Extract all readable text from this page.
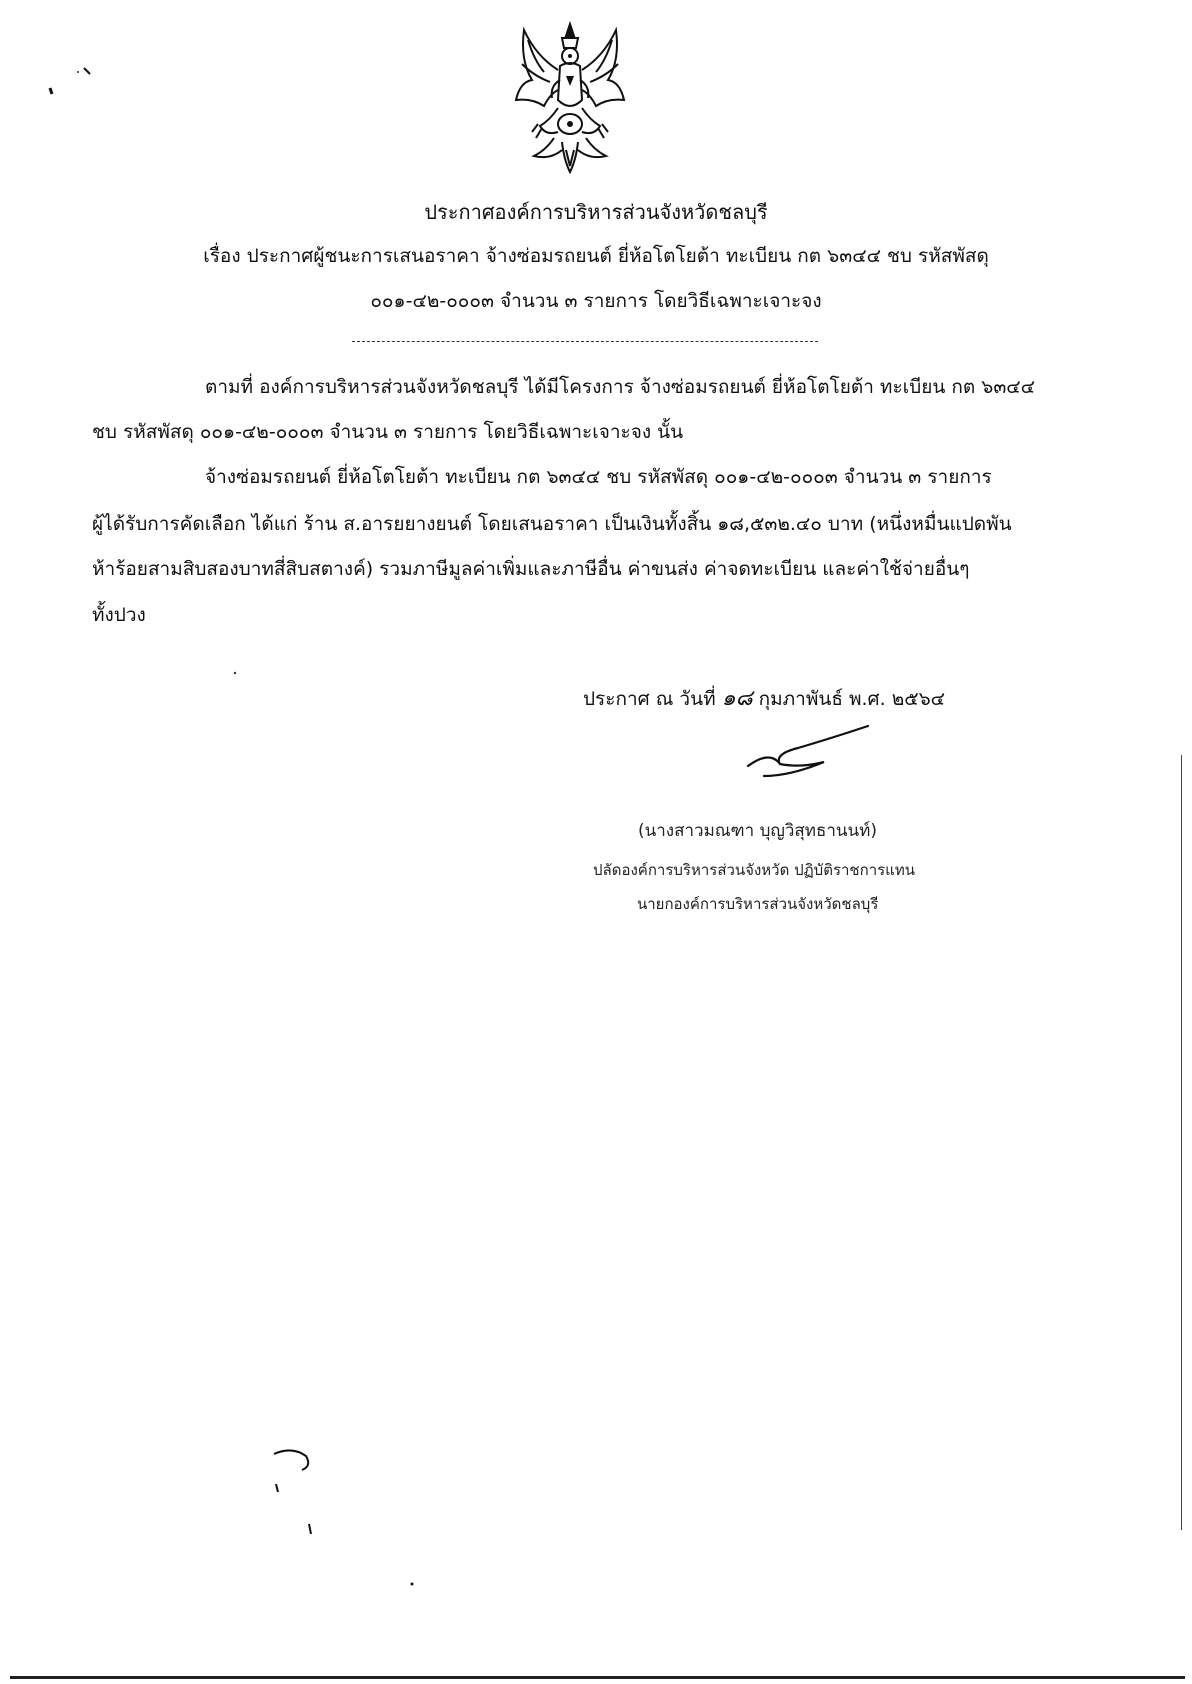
ประกาศองค์การบริหารส่วนจังหวัดชลบุรี
เรื่อง ประกาศผู้ชนะการเสนอราคา จ้างซ่อมรถยนต์ ยี่ห้อโตโยต้า ทะเบียน กต ๖๓๔๔ ชบ รหัสพัสดุ
๐๐๑-๔๒-๐๐๐๓ จำนวน ๓ รายการ โดยวิธีเฉพาะเจาะจง
ตามที่ องค์การบริหารส่วนจังหวัดชลบุรี ได้มีโครงการ จ้างซ่อมรถยนต์ ยี่ห้อโตโยต้า ทะเบียน กต ๖๓๔๔
ชบ รหัสพัสดุ ๐๐๑-๔๒-๐๐๐๓ จำนวน ๓ รายการ โดยวิธีเฉพาะเจาะจง นั้น
จ้างซ่อมรถยนต์ ยี่ห้อโตโยต้า ทะเบียน กต ๖๓๔๔ ชบ รหัสพัสดุ ๐๐๑-๔๒-๐๐๐๓ จำนวน ๓ รายการ
ผู้ได้รับการคัดเลือก ได้แก่ ร้าน ส.อารยยางยนต์ โดยเสนอราคา เป็นเงินทั้งสิ้น ๑๘,๕๓๒.๔๐ บาท (หนึ่งหมื่นแปดพัน
ห้าร้อยสามสิบสองบาทสี่สิบสตางค์) รวมภาษีมูลค่าเพิ่มและภาษีอื่น ค่าขนส่ง ค่าจดทะเบียน และค่าใช้จ่ายอื่นๆ
ทั้งปวง
ประกาศ ณ วันที่ ๑๘ กุมภาพันธ์ พ.ศ. ๒๕๖๔
(นางสาวมณฑา บุญวิสุทธานนท์)
ปลัดองค์การบริหารส่วนจังหวัด ปฏิบัติราชการแทน
นายกองค์การบริหารส่วนจังหวัดชลบุรี
